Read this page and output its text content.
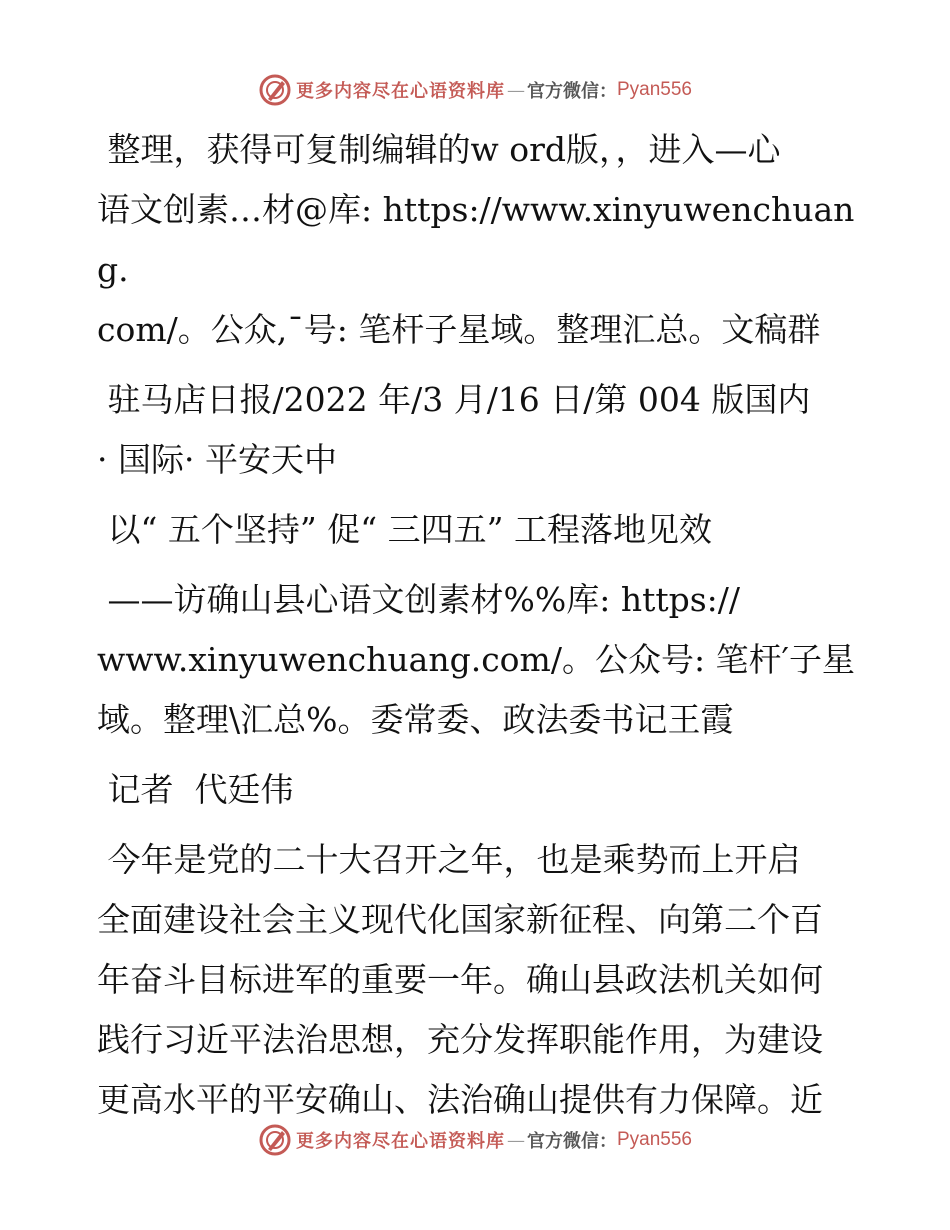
更多内容尽在心语资料库 — 官方微信： Pyan556

整理，获得可复制编辑的w ord版，，进入—心

语文创素…材@库: https://www.xinyuwenchuang.

com/。公众,¯号: 笔杆子星域。整理汇总。文稿群

驻马店日报/2022 年/3 月/16 日/第 004 版国内

· 国际· 平安天中

以“ 五个坚持” 促“ 三四五” 工程落地见效

——访确山县心语文创素材%%库: https://

www.xinyuwenchuang.com/。公众号: 笔杆′子星

域。整理\汇总%。委常委、政法委书记王霞

记者  代廷伟

今年是党的二十大召开之年，也是乘势而上开启

全面建设社会主义现代化国家新征程、向第二个百

年奋斗目标进军的重要一年。确山县政法机关如何

践行习近平法治思想，充分发挥职能作用，为建设

更高水平的平安确山、法治确山提供有力保障。近

更多内容尽在心语资料库 — 官方微信： Pyan556
